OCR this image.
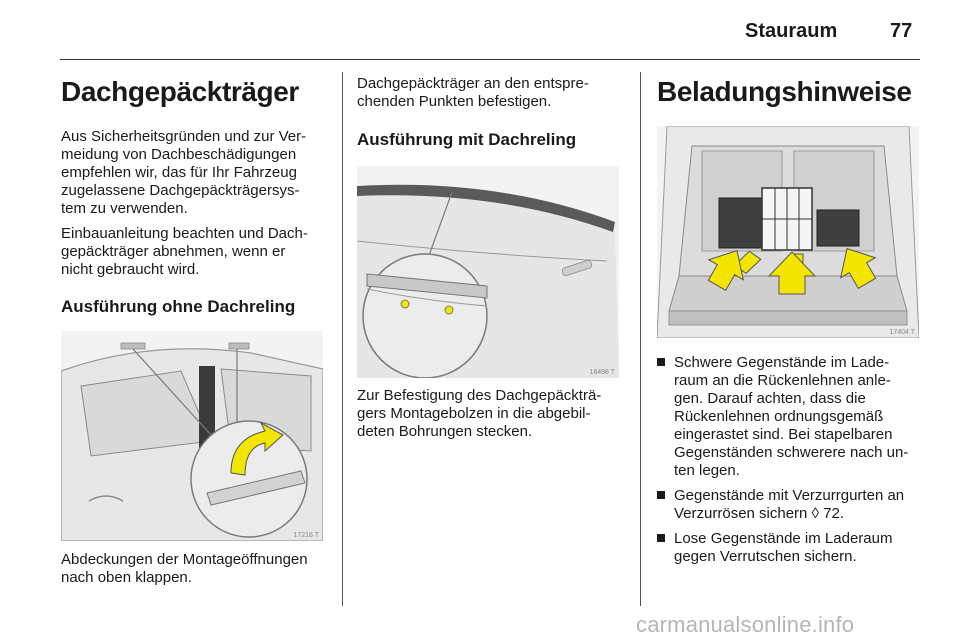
Stauraum	77
Dachgepäckträger

Aus Sicherheitsgründen und zur Ver-
meidung von Dachbeschädigungen
empfehlen wir, das für Ihr Fahrzeug
zugelassene Dachgepäckträgersys-
tem zu verwenden.

Einbauanleitung beachten und Dach-
gepäckträger abnehmen, wenn er
nicht gebraucht wird.

Ausführung ohne Dachreling
17218 T

Abdeckungen der Montageöffnungen
nach oben klappen.

Dachgepäckträger an den entspre-
chenden Punkten befestigen.

Ausführung mit Dachreling
18498 T

Zur Befestigung des Dachgepäckträ-
gers Montagebolzen in die abgebil-
deten Bohrungen stecken.

Beladungshinweise
17404 T
Schwere Gegenstände im Lade-
raum an die Rückenlehnen anle-
gen. Darauf achten, dass die
Rückenlehnen ordnungsgemäß
eingerastet sind. Bei stapelbaren
Gegenständen schwerere nach un-
ten legen.
Gegenstände mit Verzurrgurten an
Verzurrösen sichern ◊ 72.
Lose Gegenstände im Laderaum
gegen Verrutschen sichern.
carmanualsonline.info
